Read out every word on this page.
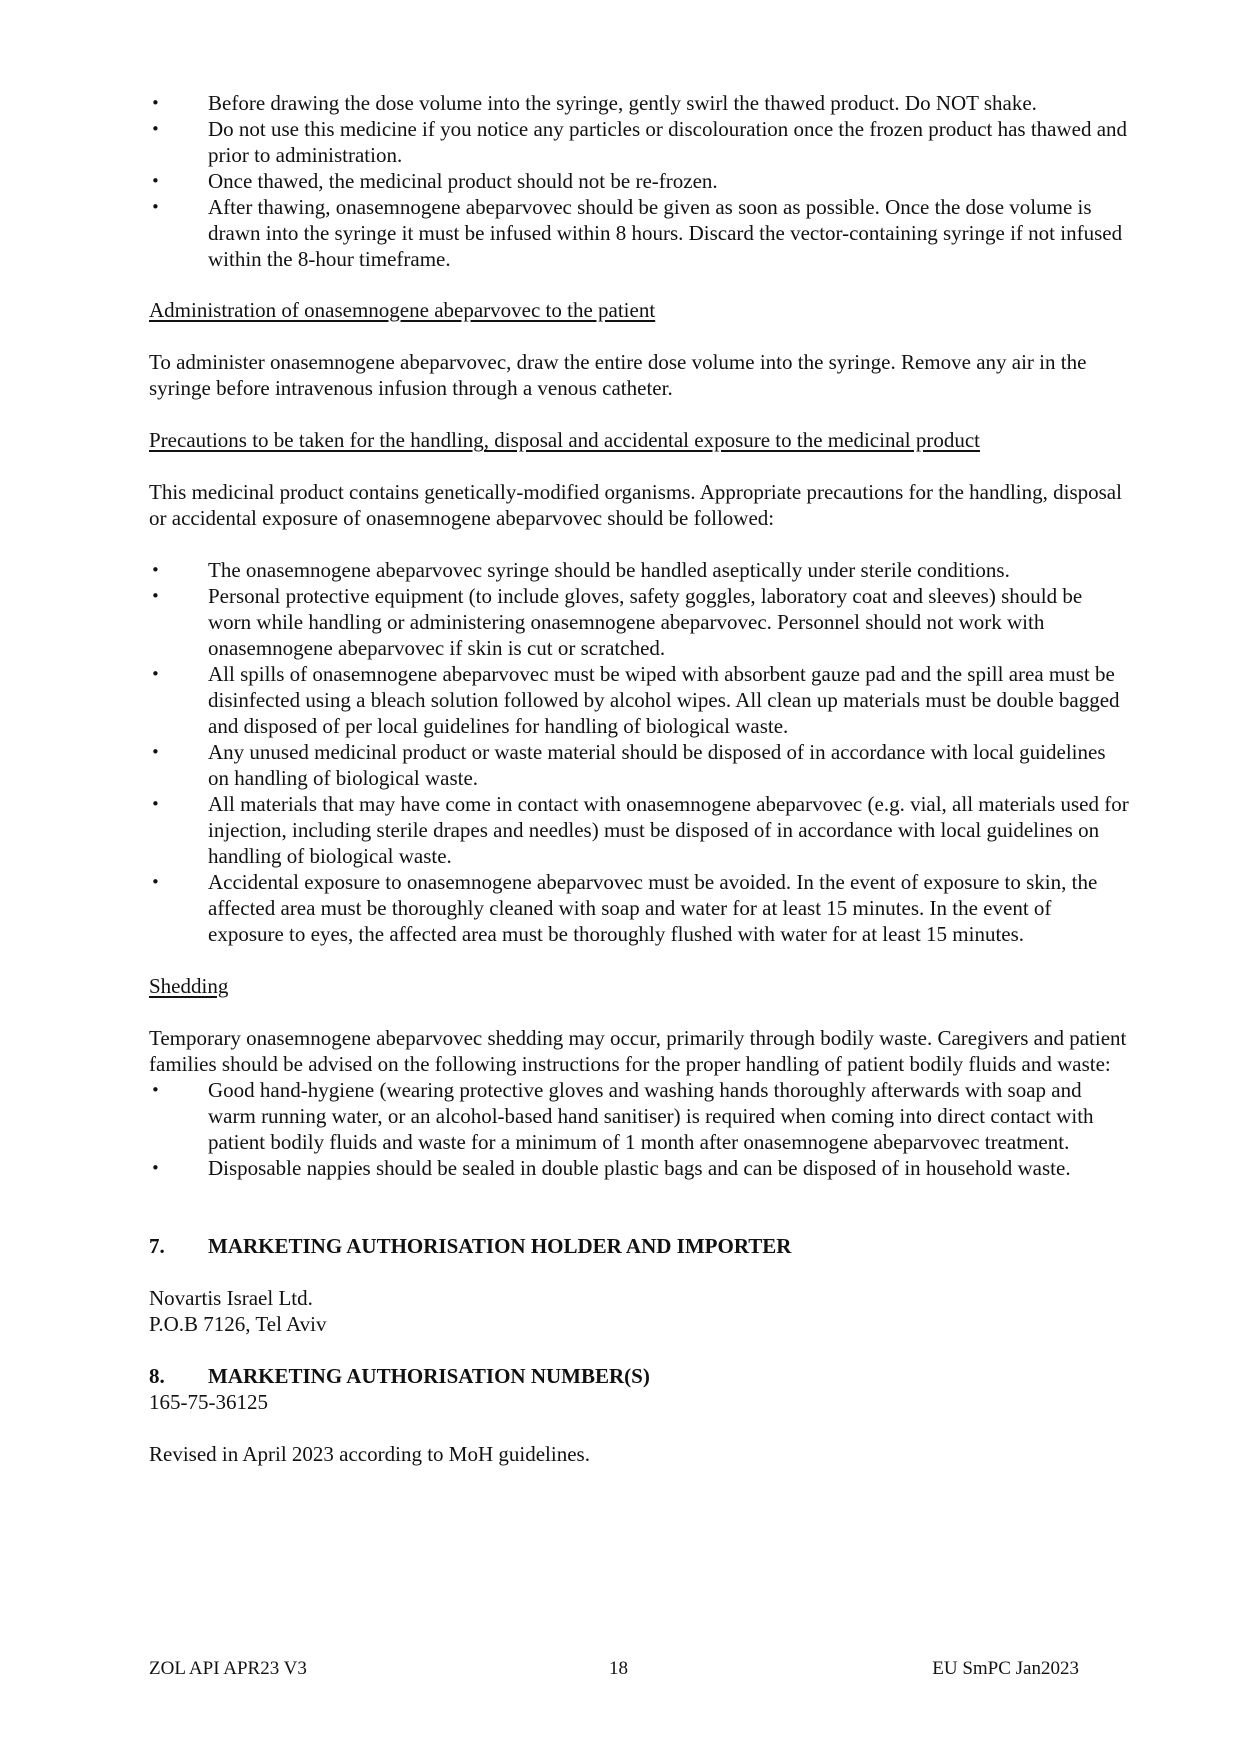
•	Before drawing the dose volume into the syringe, gently swirl the thawed product. Do NOT shake.
•	Do not use this medicine if you notice any particles or discolouration once the frozen product has thawed and prior to administration.
•	Once thawed, the medicinal product should not be re-frozen.
•	After thawing, onasemnogene abeparvovec should be given as soon as possible. Once the dose volume is drawn into the syringe it must be infused within 8 hours. Discard the vector-containing syringe if not infused within the 8-hour timeframe.

Administration of onasemnogene abeparvovec to the patient

To administer onasemnogene abeparvovec, draw the entire dose volume into the syringe. Remove any air in the syringe before intravenous infusion through a venous catheter.

Precautions to be taken for the handling, disposal and accidental exposure to the medicinal product

This medicinal product contains genetically-modified organisms. Appropriate precautions for the handling, disposal or accidental exposure of onasemnogene abeparvovec should be followed:

•	The onasemnogene abeparvovec syringe should be handled aseptically under sterile conditions.
•	Personal protective equipment (to include gloves, safety goggles, laboratory coat and sleeves) should be worn while handling or administering onasemnogene abeparvovec. Personnel should not work with onasemnogene abeparvovec if skin is cut or scratched.
•	All spills of onasemnogene abeparvovec must be wiped with absorbent gauze pad and the spill area must be disinfected using a bleach solution followed by alcohol wipes. All clean up materials must be double bagged and disposed of per local guidelines for handling of biological waste.
•	Any unused medicinal product or waste material should be disposed of in accordance with local guidelines on handling of biological waste.
•	All materials that may have come in contact with onasemnogene abeparvovec (e.g. vial, all materials used for injection, including sterile drapes and needles) must be disposed of in accordance with local guidelines on handling of biological waste.
•	Accidental exposure to onasemnogene abeparvovec must be avoided. In the event of exposure to skin, the affected area must be thoroughly cleaned with soap and water for at least 15 minutes. In the event of exposure to eyes, the affected area must be thoroughly flushed with water for at least 15 minutes.

Shedding

Temporary onasemnogene abeparvovec shedding may occur, primarily through bodily waste. Caregivers and patient families should be advised on the following instructions for the proper handling of patient bodily fluids and waste:

•	Good hand-hygiene (wearing protective gloves and washing hands thoroughly afterwards with soap and warm running water, or an alcohol-based hand sanitiser) is required when coming into direct contact with patient bodily fluids and waste for a minimum of 1 month after onasemnogene abeparvovec treatment.
•	Disposable nappies should be sealed in double plastic bags and can be disposed of in household waste.

7. MARKETING AUTHORISATION HOLDER AND IMPORTER

Novartis Israel Ltd.

P.O.B 7126, Tel Aviv

8. MARKETING AUTHORISATION NUMBER(S)

165-75-36125

Revised in April 2023 according to MoH guidelines.

ZOL API APR23 V3	18	EU SmPC Jan2023
